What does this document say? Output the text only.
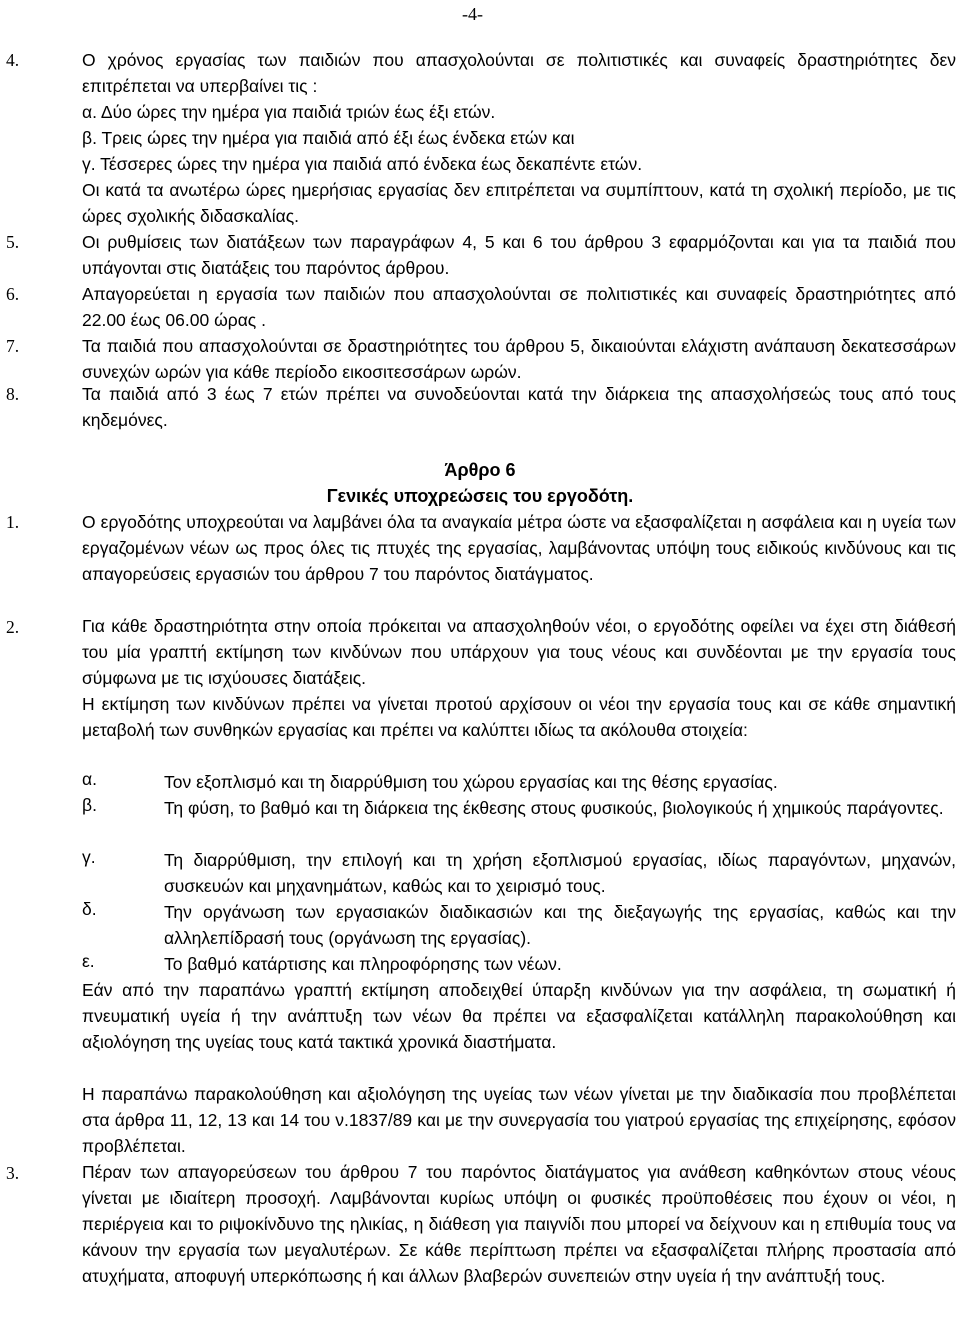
-4-
4.	Ο χρόνος εργασίας των παιδιών που απασχολούνται σε πολιτιστικές και συναφείς δραστηριότητες δεν επιτρέπεται να υπερβαίνει τις :
α. Δύο ώρες την ημέρα για παιδιά τριών έως έξι ετών.
β. Τρεις ώρες την ημέρα για παιδιά από έξι έως ένδεκα ετών και
γ. Τέσσερες ώρες την ημέρα για παιδιά από ένδεκα έως δεκαπέντε ετών.
Οι κατά τα ανωτέρω ώρες ημερήσιας εργασίας δεν επιτρέπεται να συμπίπτουν, κατά τη σχολική περίοδο, με τις ώρες σχολικής διδασκαλίας.
5.	Οι ρυθμίσεις των διατάξεων των παραγράφων 4, 5 και 6 του άρθρου 3 εφαρμόζονται και για τα παιδιά που υπάγονται στις διατάξεις του παρόντος άρθρου.
6.	Απαγορεύεται η εργασία των παιδιών που απασχολούνται σε πολιτιστικές και συναφείς δραστηριότητες από 22.00 έως 06.00 ώρας .
7.	Τα παιδιά που απασχολούνται σε δραστηριότητες του άρθρου 5, δικαιούνται ελάχιστη ανάπαυση δεκατεσσάρων συνεχών ωρών για κάθε περίοδο εικοσιτεσσάρων ωρών.
8.	Τα παιδιά από 3 έως 7 ετών πρέπει να συνοδεύονται κατά την διάρκεια της απασχολήσεώς τους από τους κηδεμόνες.
Άρθρο 6
Γενικές υποχρεώσεις του εργοδότη.
1.	Ο εργοδότης υποχρεούται να λαμβάνει όλα τα αναγκαία μέτρα ώστε να εξασφαλίζεται η ασφάλεια και η υγεία των εργαζομένων νέων ως προς όλες τις πτυχές της εργασίας, λαμβάνοντας υπόψη τους ειδικούς κινδύνους και τις απαγορεύσεις εργασιών του άρθρου 7 του παρόντος διατάγματος.
2.	Για κάθε δραστηριότητα στην οποία πρόκειται να απασχοληθούν νέοι, ο εργοδότης οφείλει να έχει στη διάθεσή του μία γραπτή εκτίμηση των κινδύνων που υπάρχουν για τους νέους και συνδέονται με την εργασία τους σύμφωνα με τις ισχύουσες διατάξεις.
Η εκτίμηση των κινδύνων πρέπει να γίνεται προτού αρχίσουν οι νέοι την εργασία τους και σε κάθε σημαντική μεταβολή των συνθηκών εργασίας και πρέπει να καλύπτει ιδίως τα ακόλουθα στοιχεία:
α.	Τον εξοπλισμό και τη διαρρύθμιση του χώρου εργασίας και της θέσης εργασίας.
β.	Τη φύση, το βαθμό και τη διάρκεια της έκθεσης στους φυσικούς, βιολογικούς ή χημικούς παράγοντες.
γ.	Τη διαρρύθμιση, την επιλογή και τη χρήση εξοπλισμού εργασίας, ιδίως παραγόντων, μηχανών, συσκευών και μηχανημάτων, καθώς και το χειρισμό τους.
δ.	Την οργάνωση των εργασιακών διαδικασιών και της διεξαγωγής της εργασίας, καθώς και την αλληλεπίδρασή τους (οργάνωση της εργασίας).
ε.	Το βαθμό κατάρτισης και πληροφόρησης των νέων.
Εάν από την παραπάνω γραπτή εκτίμηση αποδειχθεί ύπαρξη κινδύνων για την ασφάλεια, τη σωματική ή πνευματική υγεία ή την ανάπτυξη των νέων θα πρέπει να εξασφαλίζεται κατάλληλη παρακολούθηση και αξιολόγηση της υγείας τους κατά τακτικά χρονικά διαστήματα.
Η παραπάνω παρακολούθηση και αξιολόγηση της υγείας των νέων γίνεται με την διαδικασία που προβλέπεται στα άρθρα 11, 12, 13 και 14 του ν.1837/89 και με την συνεργασία του γιατρού εργασίας της επιχείρησης, εφόσον προβλέπεται.
3.	Πέραν των απαγορεύσεων του άρθρου 7 του παρόντος διατάγματος για ανάθεση καθηκόντων στους νέους γίνεται με ιδιαίτερη προσοχή. Λαμβάνονται κυρίως υπόψη οι φυσικές προϋποθέσεις που έχουν οι νέοι, η περιέργεια και το ριψοκίνδυνο της ηλικίας, η διάθεση για παιγνίδι που μπορεί να δείχνουν και η επιθυμία τους να κάνουν την εργασία των μεγαλυτέρων. Σε κάθε περίπτωση πρέπει να εξασφαλίζεται πλήρης προστασία από ατυχήματα, αποφυγή υπερκόπωσης ή και άλλων βλαβερών συνεπειών στην υγεία ή την ανάπτυξή τους.
